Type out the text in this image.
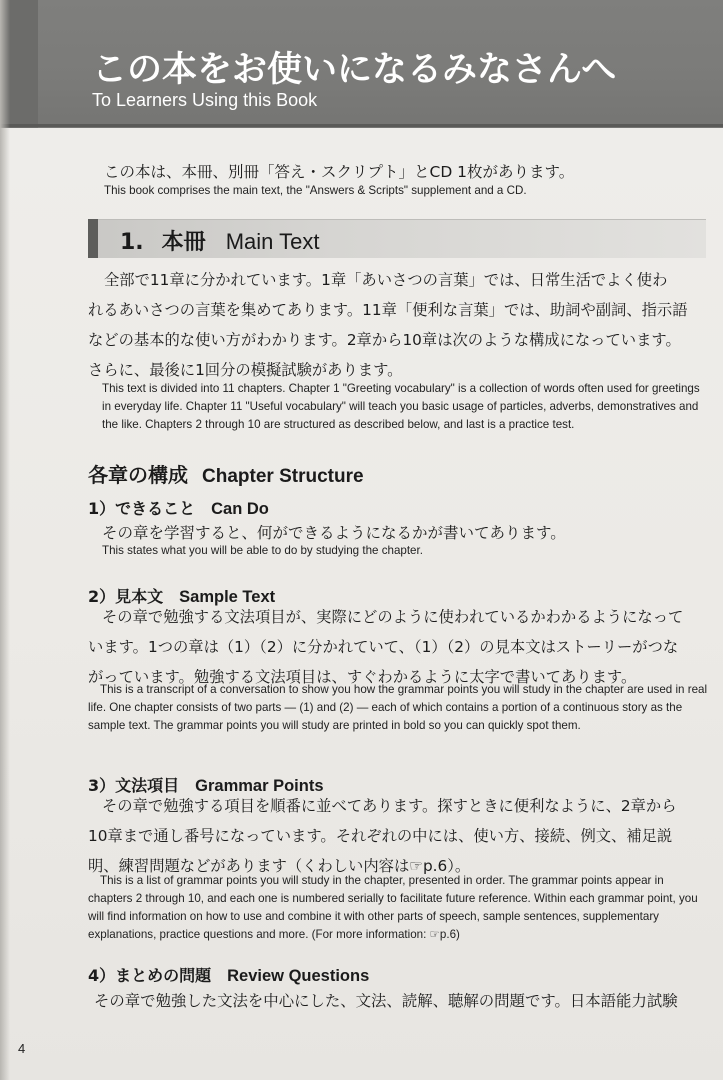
この本をお使いになるみなさんへ
To Learners Using this Book
この本は、本冊、別冊「答え・スクリプト」とCD 1枚があります。
This book comprises the main text, the "Answers & Scripts" supplement and a CD.
1. 本冊 Main Text
全部で11章に分かれています。1章「あいさつの言葉」では、日常生活でよく使わ
れるあいさつの言葉を集めてあります。11章「便利な言葉」では、助詞や副詞、指示語
などの基本的な使い方がわかります。2章から10章は次のような構成になっています。
さらに、最後に1回分の模擬試験があります。
This text is divided into 11 chapters. Chapter 1 "Greeting vocabulary" is a collection of words often used for greetings in everyday life. Chapter 11 "Useful vocabulary" will teach you basic usage of particles, adverbs, demonstratives and the like. Chapters 2 through 10 are structured as described below, and last is a practice test.
各章の構成 Chapter Structure
1）できること Can Do
その章を学習すると、何ができるようになるかが書いてあります。
This states what you will be able to do by studying the chapter.
2）見本文 Sample Text
その章で勉強する文法項目が、実際にどのように使われているかわかるようになって
います。1つの章は（1）（2）に分かれていて、（1）（2）の見本文はストーリーがつな
がっています。勉強する文法項目は、すぐわかるように太字で書いてあります。
This is a transcript of a conversation to show you how the grammar points you will study in the chapter are used in real life. One chapter consists of two parts — (1) and (2) — each of which contains a portion of a continuous story as the sample text. The grammar points you will study are printed in bold so you can quickly spot them.
3）文法項目 Grammar Points
その章で勉強する項目を順番に並べてあります。探すときに便利なように、2章から
10章まで通し番号になっています。それぞれの中には、使い方、接続、例文、補足説
明、練習問題などがあります（くわしい内容は☞p.6）。
This is a list of grammar points you will study in the chapter, presented in order. The grammar points appear in chapters 2 through 10, and each one is numbered serially to facilitate future reference. Within each grammar point, you will find information on how to use and combine it with other parts of speech, sample sentences, supplementary explanations, practice questions and more. (For more information: ☞p.6)
4）まとめの問題 Review Questions
その章で勉強した文法を中心にした、文法、読解、聴解の問題です。日本語能力試験
4
